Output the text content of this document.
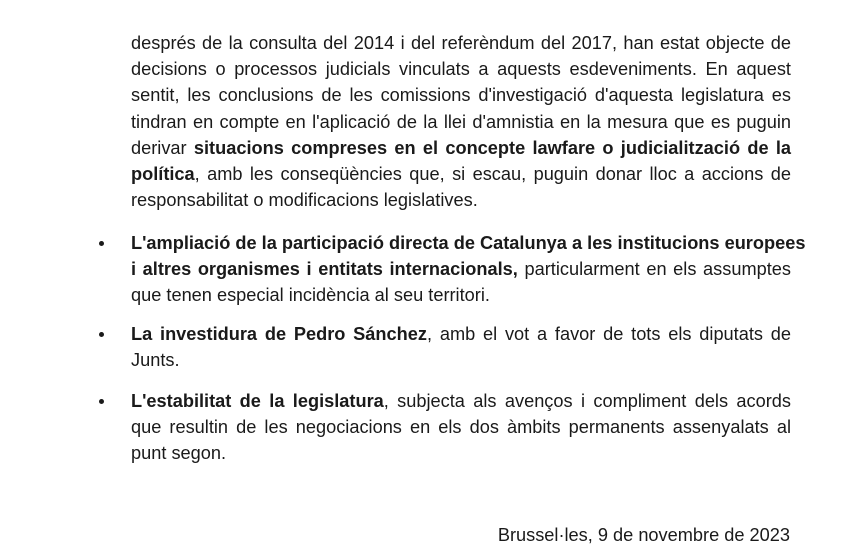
després de la consulta del 2014 i del referèndum del 2017, han estat objecte de
decisions o processos judicials vinculats a aquests esdeveniments. En aquest
sentit, les conclusions de les comissions d'investigació d'aquesta legislatura es
tindran en compte en l'aplicació de la llei d'amnistia en la mesura que es puguin
derivar situacions compreses en el concepte lawfare o judicialització de la
política, amb les conseqüències que, si escau, puguin donar lloc a accions de
responsabilitat o modificacions legislatives.
L'ampliació de la participació directa de Catalunya a les institucions europees
i altres organismes i entitats internacionals, particularment en els assumptes
que tenen especial incidència al seu territori.
La investidura de Pedro Sánchez, amb el vot a favor de tots els diputats de
Junts.
L'estabilitat de la legislatura, subjecta als avenços i compliment dels acords
que resultin de les negociacions en els dos àmbits permanents assenyalats al
punt segon.
Brussel·les, 9 de novembre de 2023
